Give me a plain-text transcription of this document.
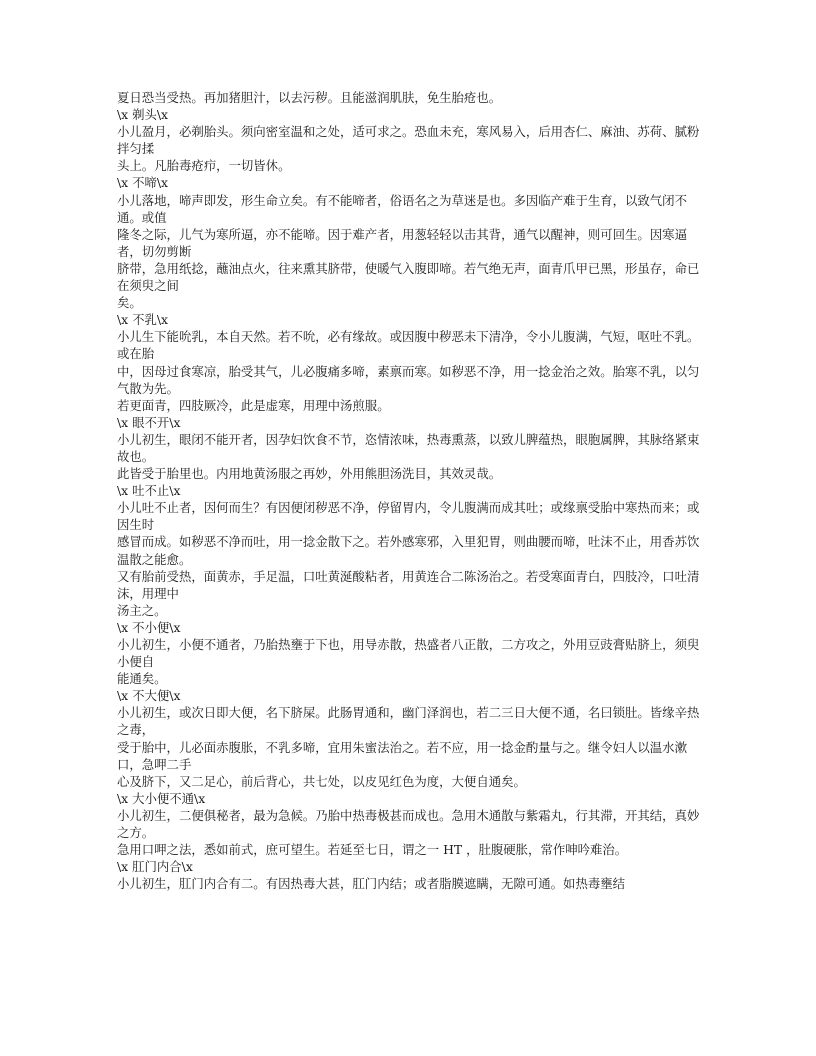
夏日恐当受热。再加猪胆汁，以去污秽。且能滋润肌肤，免生胎疮也。
\x 剃头\x
小儿盈月，必剃胎头。须向密室温和之处，适可求之。恐血未充，寒风易入，后用杏仁、麻油、苏荷、腻粉拌匀揉
头上。凡胎毒疮疖，一切皆休。
\x 不啼\x
小儿落地，啼声即发，形生命立矣。有不能啼者，俗语名之为草迷是也。多因临产难于生育，以致气闭不通。或值
隆冬之际，儿气为寒所逼，亦不能啼。因于难产者，用葱轻轻以击其背，通气以醒神，则可回生。因寒逼者，切勿剪断
脐带，急用纸捻，蘸油点火，往来熏其脐带，使暖气入腹即啼。若气绝无声，面青爪甲已黑，形虽存，命已在须臾之间
矣。
\x 不乳\x
小儿生下能吮乳，本自天然。若不吮，必有缘故。或因腹中秽恶未下清净，令小儿腹满，气短，呕吐不乳。或在胎
中，因母过食寒凉，胎受其气，儿必腹痛多啼，素禀而寒。如秽恶不净，用一捻金治之效。胎寒不乳，以匀气散为先。
若更面青，四肢厥冷，此是虚寒，用理中汤煎服。
\x 眼不开\x
小儿初生，眼闭不能开者，因孕妇饮食不节，恣情浓味，热毒熏蒸，以致儿脾蕴热，眼胞属脾，其脉络紧束故也。
此皆受于胎里也。内用地黄汤服之再妙，外用熊胆汤洗目，其效灵哉。
\x 吐不止\x
小儿吐不止者，因何而生？有因便闭秽恶不净，停留胃内，令儿腹满而成其吐；或缘禀受胎中寒热而来；或因生时
感冒而成。如秽恶不净而吐，用一捻金散下之。若外感寒邪，入里犯胃，则曲腰而啼，吐沫不止，用香苏饮温散之能愈。
又有胎前受热，面黄赤，手足温，口吐黄涎酸粘者，用黄连合二陈汤治之。若受寒面青白，四肢冷，口吐清沫，用理中
汤主之。
\x 不小便\x
小儿初生，小便不通者，乃胎热壅于下也，用导赤散，热盛者八正散，二方攻之，外用豆豉膏贴脐上，须臾小便自
能通矣。
\x 不大便\x
小儿初生，或次日即大便，名下脐屎。此肠胃通和，幽门泽润也，若二三日大便不通，名曰锁肚。皆缘辛热之毒，
受于胎中，儿必面赤腹胀，不乳多啼，宜用朱蜜法治之。若不应，用一捻金酌量与之。继令妇人以温水漱口，急呷二手
心及脐下，又二足心，前后背心，共七处，以皮见红色为度，大便自通矣。
\x 大小便不通\x
小儿初生，二便俱秘者，最为急候。乃胎中热毒极甚而成也。急用木通散与紫霜丸，行其滞，开其结，真妙之方。
急用口呷之法，悉如前式，庶可望生。若延至七日，谓之一 HT ，肚腹硬胀，常作呻吟难治。
\x 肛门内合\x
小儿初生，肛门内合有二。有因热毒大甚，肛门内结；或者脂膜遮瞒，无隙可通。如热毒壅结
